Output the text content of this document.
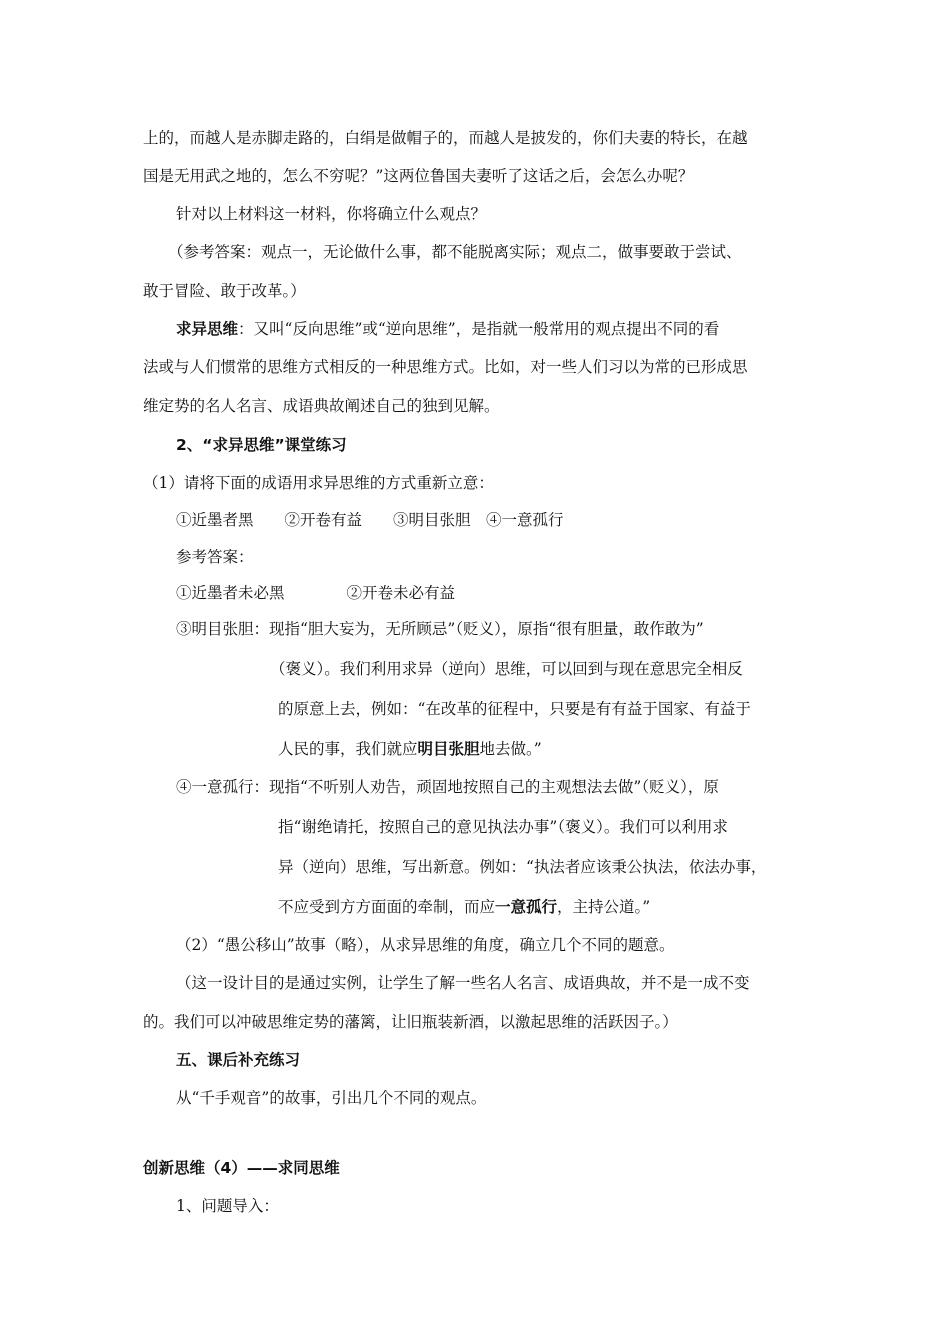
上的，而越人是赤脚走路的，白绢是做帽子的，而越人是披发的，你们夫妻的特长，在越
国是无用武之地的，怎么不穷呢？”这两位鲁国夫妻听了这话之后，会怎么办呢？
针对以上材料这一材料，你将确立什么观点？
（参考答案：观点一，无论做什么事，都不能脱离实际；观点二，做事要敢于尝试、
敢于冒险、敢于改革。）
求异思维：又叫“反向思维”或“逆向思维”，是指就一般常用的观点提出不同的看
法或与人们惯常的思维方式相反的一种思维方式。比如，对一些人们习以为常的已形成思
维定势的名人名言、成语典故阐述自己的独到见解。
2、“求异思维”课堂练习
（1）请将下面的成语用求异思维的方式重新立意：
①近墨者黑　　②开卷有益　　③明目张胆　④一意孤行
参考答案：
①近墨者未必黑　　　　②开卷未必有益
③明目张胆：现指“胆大妄为，无所顾忌”（贬义），原指“很有胆量，敢作敢为”
（褒义）。我们利用求异（逆向）思维，可以回到与现在意思完全相反
的原意上去，例如：“在改革的征程中，只要是有有益于国家、有益于
人民的事，我们就应明目张胆地去做。”
④一意孤行：现指“不听别人劝告，顽固地按照自己的主观想法去做”（贬义），原
指“谢绝请托，按照自己的意见执法办事”（褒义）。我们可以利用求
异（逆向）思维，写出新意。例如：“执法者应该秉公执法，依法办事，
不应受到方方面面的牵制，而应一意孤行，主持公道。”
（2）“愚公移山”故事（略），从求异思维的角度，确立几个不同的题意。
（这一设计目的是通过实例，让学生了解一些名人名言、成语典故，并不是一成不变
的。我们可以冲破思维定势的藩篱，让旧瓶装新酒，以激起思维的活跃因子。）
五、课后补充练习
从“千手观音”的故事，引出几个不同的观点。
创新思维（4）——求同思维
1、问题导入：
